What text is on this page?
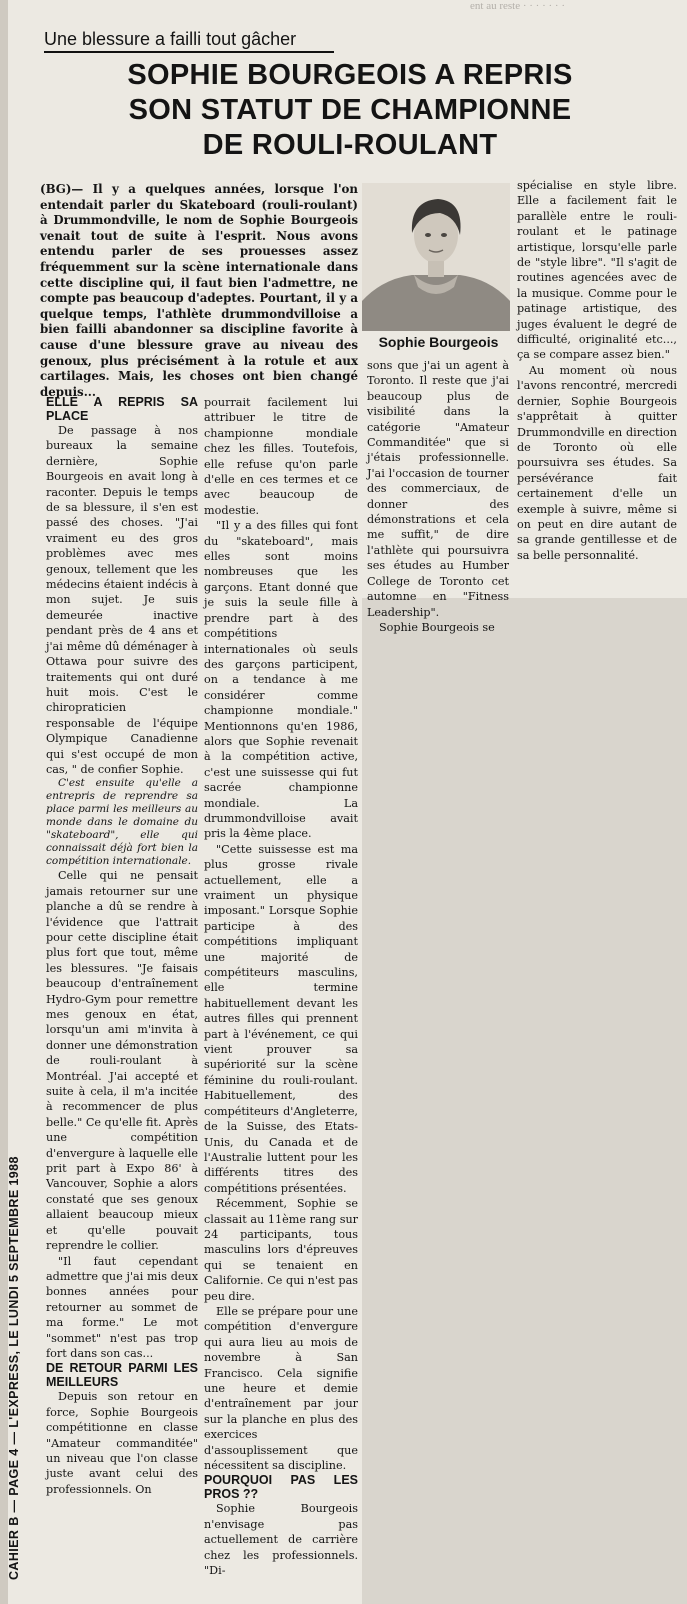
ent au reste · · · · · · ·
Une blessure a failli tout gâcher
SOPHIE BOURGEOIS A REPRIS
SON STATUT DE CHAMPIONNE
DE ROULI-ROULANT

(BG)— Il y a quelques années, lorsque l'on entendait parler du Skateboard (rouli-roulant) à Drummondville, le nom de Sophie Bourgeois venait tout de suite à l'esprit. Nous avons entendu parler de ses prouesses assez fréquemment sur la scène internationale dans cette discipline qui, il faut bien l'admettre, ne compte pas beaucoup d'adeptes. Pourtant, il y a quelque temps, l'athlète drummondvilloise a bien failli abandonner sa discipline favorite à cause d'une blessure grave au niveau des genoux, plus précisément à la rotule et aux cartilages. Mais, les choses ont bien changé depuis...

Sophie Bourgeois

ELLE A REPRIS SA PLACE

De passage à nos bureaux la semaine dernière, Sophie Bourgeois en avait long à raconter. Depuis le temps de sa blessure, il s'en est passé des choses. "J'ai vraiment eu des gros problèmes avec mes genoux, tellement que les médecins étaient indécis à mon sujet. Je suis demeurée inactive pendant près de 4 ans et j'ai même dû déménager à Ottawa pour suivre des traitements qui ont duré huit mois. C'est le chiropraticien responsable de l'équipe Olympique Canadienne qui s'est occupé de mon cas, " de confier Sophie.

C'est ensuite qu'elle a entrepris de reprendre sa place parmi les meilleurs au monde dans le domaine du "skateboard", elle qui connaissait déjà fort bien la compétition internationale.

Celle qui ne pensait jamais retourner sur une planche a dû se rendre à l'évidence que l'attrait pour cette discipline était plus fort que tout, même les blessures. "Je faisais beaucoup d'entraînement Hydro-Gym pour remettre mes genoux en état, lorsqu'un ami m'invita à donner une démonstration de rouli-roulant à Montréal. J'ai accepté et suite à cela, il m'a incitée à recommencer de plus belle." Ce qu'elle fit. Après une compétition d'envergure à laquelle elle prit part à Expo 86' à Vancouver, Sophie a alors constaté que ses genoux allaient beaucoup mieux et qu'elle pouvait reprendre le collier.

"Il faut cependant admettre que j'ai mis deux bonnes années pour retourner au sommet de ma forme." Le mot "sommet" n'est pas trop fort dans son cas...

DE RETOUR PARMI LES MEILLEURS

Depuis son retour en force, Sophie Bourgeois compétitionne en classe "Amateur commanditée" un niveau que l'on classe juste avant celui des professionnels. On

pourrait facilement lui attribuer le titre de championne mondiale chez les filles. Toutefois, elle refuse qu'on parle d'elle en ces termes et ce avec beaucoup de modestie.

"Il y a des filles qui font du "skateboard", mais elles sont moins nombreuses que les garçons. Etant donné que je suis la seule fille à prendre part à des compétitions internationales où seuls des garçons participent, on a tendance à me considérer comme championne mondiale." Mentionnons qu'en 1986, alors que Sophie revenait à la compétition active, c'est une suissesse qui fut sacrée championne mondiale. La drummondvilloise avait pris la 4ème place.

"Cette suissesse est ma plus grosse rivale actuellement, elle a vraiment un physique imposant." Lorsque Sophie participe à des compétitions impliquant une majorité de compétiteurs masculins, elle termine habituellement devant les autres filles qui prennent part à l'événement, ce qui vient prouver sa supériorité sur la scène féminine du rouli-roulant. Habituellement, des compétiteurs d'Angleterre, de la Suisse, des Etats-Unis, du Canada et de l'Australie luttent pour les différents titres des compétitions présentées.

Récemment, Sophie se classait au 11ème rang sur 24 participants, tous masculins lors d'épreuves qui se tenaient en Californie. Ce qui n'est pas peu dire.

Elle se prépare pour une compétition d'envergure qui aura lieu au mois de novembre à San Francisco. Cela signifie une heure et demie d'entraînement par jour sur la planche en plus des exercices d'assouplissement que nécessitent sa discipline.

POURQUOI PAS LES PROS ??

Sophie Bourgeois n'envisage pas actuellement de carrière chez les professionnels. "Di-

sons que j'ai un agent à Toronto. Il reste que j'ai beaucoup plus de visibilité dans la catégorie "Amateur Commanditée" que si j'étais professionnelle. J'ai l'occasion de tourner des commerciaux, de donner des démonstrations et cela me suffit," de dire l'athlète qui poursuivra ses études au Humber College de Toronto cet automne en "Fitness Leadership".

Sophie Bourgeois se

spécialise en style libre. Elle a facilement fait le parallèle entre le rouli-roulant et le patinage artistique, lorsqu'elle parle de "style libre". "Il s'agit de routines agencées avec de la musique. Comme pour le patinage artistique, des juges évaluent le degré de difficulté, originalité etc..., ça se compare assez bien."

Au moment où nous l'avons rencontré, mercredi dernier, Sophie Bourgeois s'apprêtait à quitter Drummondville en direction de Toronto où elle poursuivra ses études. Sa persévérance fait certainement d'elle un exemple à suivre, même si on peut en dire autant de sa grande gentillesse et de sa belle personnalité.

CAHIER B — PAGE 4 — L'EXPRESS, LE LUNDI 5 SEPTEMBRE 1988
